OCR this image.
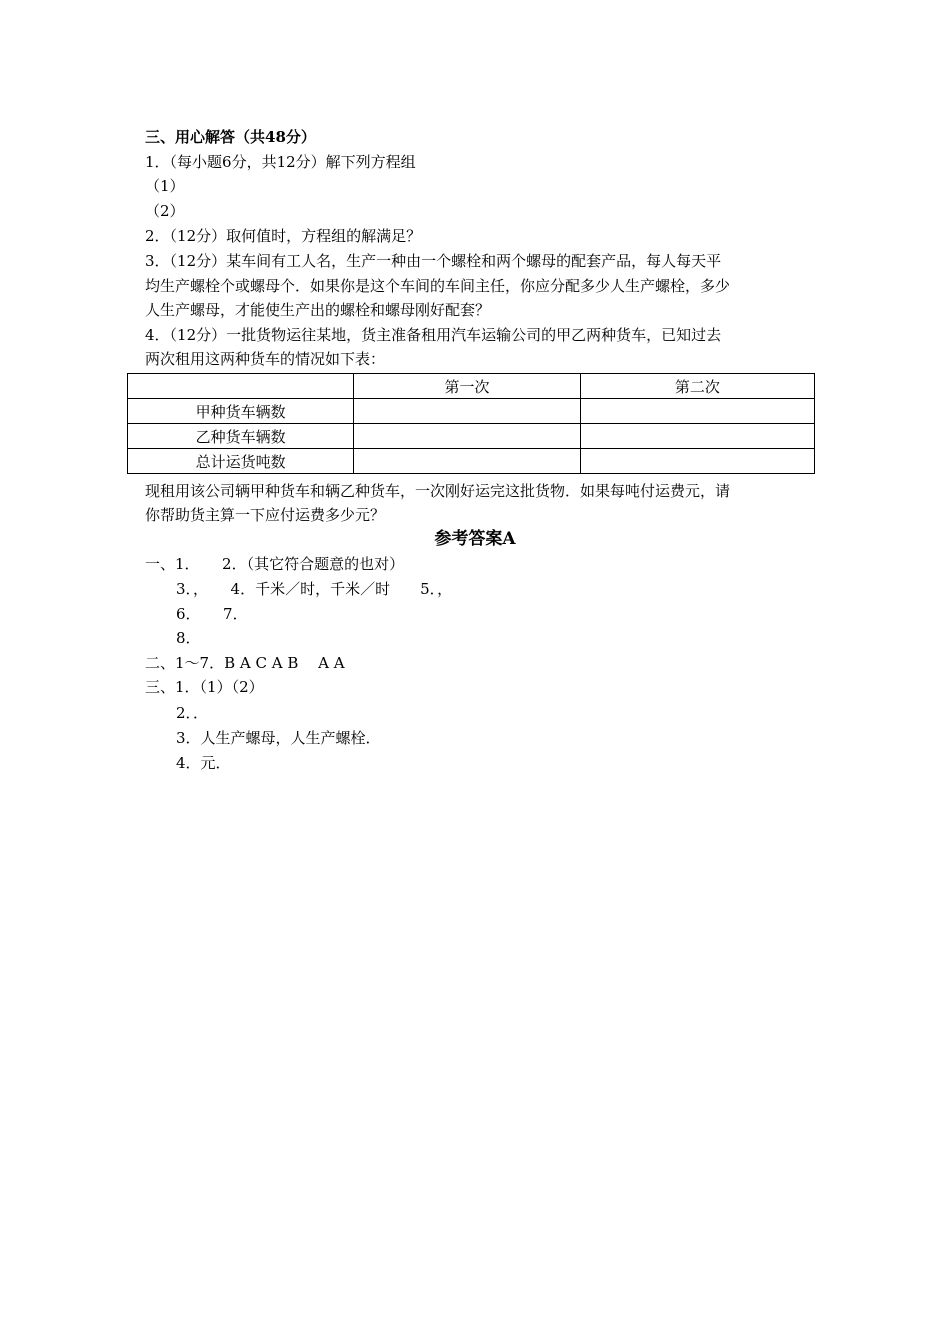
三、用心解答（共48分）
1．（每小题6分，共12分）解下列方程组
（1）
（2）
2．（12分）取何值时，方程组的解满足？
3．（12分）某车间有工人名，生产一种由一个螺栓和两个螺母的配套产品，每人每天平
均生产螺栓个或螺母个．如果你是这个车间的车间主任，你应分配多少人生产螺栓，多少
人生产螺母，才能使生产出的螺栓和螺母刚好配套？
4．（12分）一批货物运往某地，货主准备租用汽车运输公司的甲乙两种货车，已知过去
两次租用这两种货车的情况如下表：
	第一次	第二次
甲种货车辆数		
乙种货车辆数		
总计运货吨数		
现租用该公司辆甲种货车和辆乙种货车，一次刚好运完这批货物．如果每吨付运费元，请
你帮助货主算一下应付运费多少元？
参考答案A
一、1．　　2．（其它符合题意的也对）
3．，　　4．千米／时，千米／时　　5．，
6．　　7．
8．
二、1～7．B A C A B　 A A
三、1．（1）（2）
2．．
3．人生产螺母，人生产螺栓．
4．元．
